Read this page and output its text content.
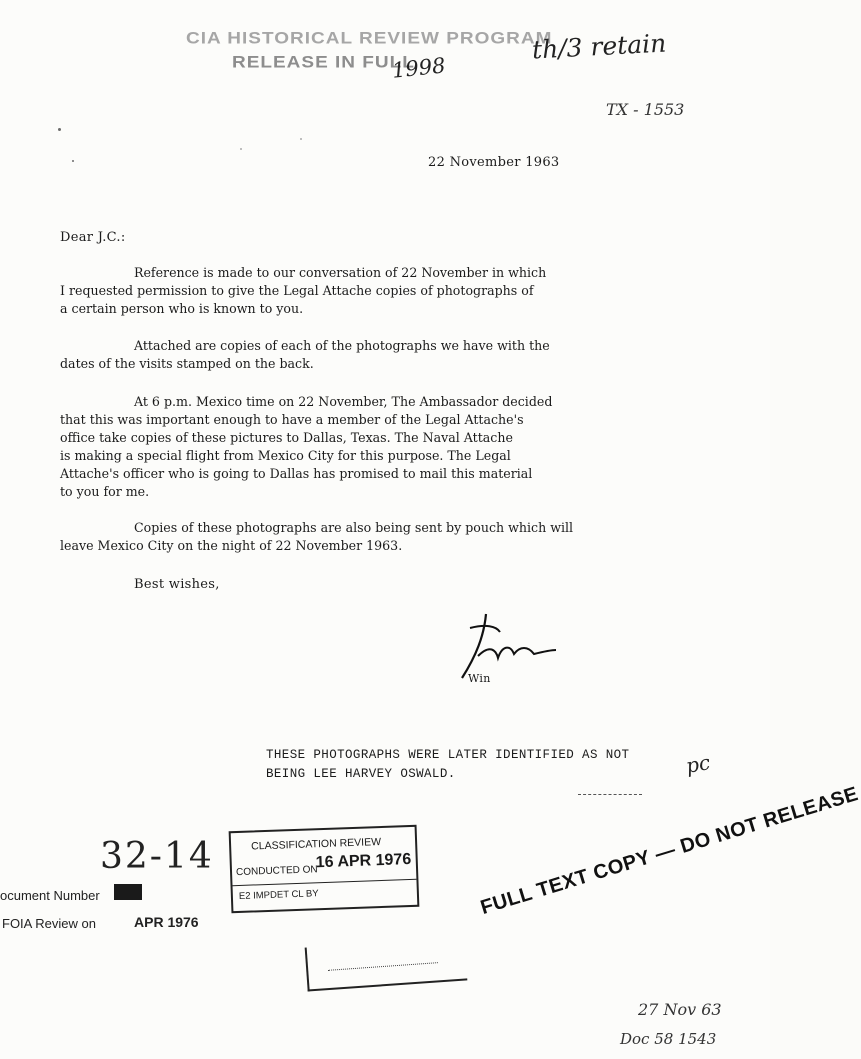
CIA HISTORICAL REVIEW PROGRAM
RELEASE IN FULL
1998
th/3 retain
TX - 1553
22 November 1963
Dear J.C.:
Reference is made to our conversation of 22 November in which
I requested permission to give the Legal Attache copies of photographs of
a certain person who is known to you.
Attached are copies of each of the photographs we have with the
dates of the visits stamped on the back.
At 6 p.m. Mexico time on 22 November, The Ambassador decided
that this was important enough to have a member of the Legal Attache's
office take copies of these pictures to Dallas, Texas. The Naval Attache
is making a special flight from Mexico City for this purpose. The Legal
Attache's officer who is going to Dallas has promised to mail this material
to you for me.
Copies of these photographs are also being sent by pouch which will
leave Mexico City on the night of 22 November 1963.
Best wishes,
Win
THESE PHOTOGRAPHS WERE LATER IDENTIFIED AS NOT
BEING LEE HARVEY OSWALD.	pc
32-14
ocument Number
FOIA Review on	APR 1976
CLASSIFICATION REVIEW
CONDUCTED ON
16 APR 1976
E2 IMPDET CL BY	FULL TEXT COPY — DO NOT RELEASE
27 Nov 63
Doc 58 1543
